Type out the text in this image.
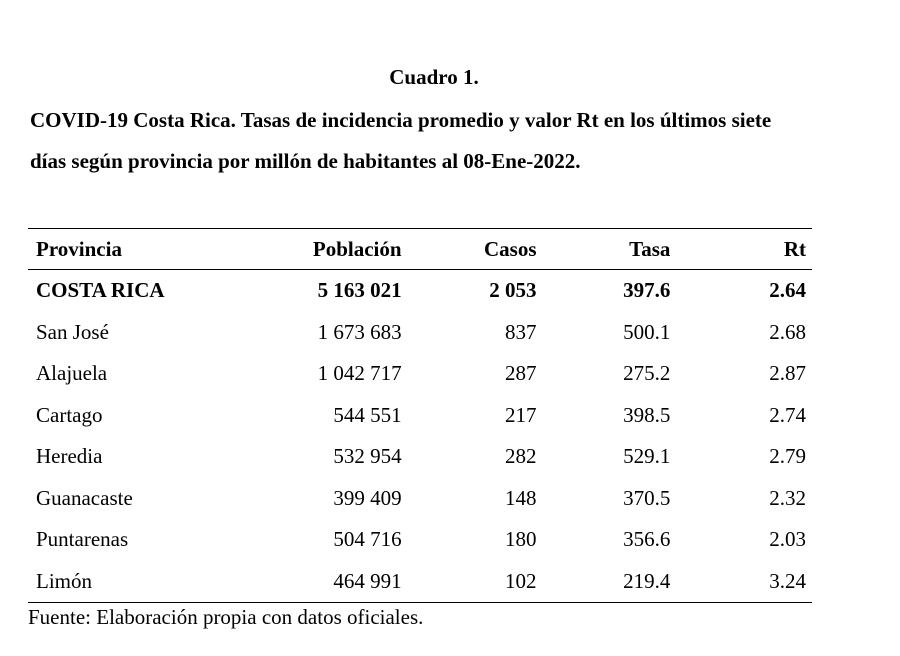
Cuadro 1.
COVID-19 Costa Rica. Tasas de incidencia promedio y valor Rt en los últimos siete
días según provincia por millón de habitantes al 08-Ene-2022.
Provincia	Población	Casos	Tasa	Rt
COSTA RICA	5 163 021	2 053	397.6	2.64
San José	1 673 683	837	500.1	2.68
Alajuela	1 042 717	287	275.2	2.87
Cartago	544 551	217	398.5	2.74
Heredia	532 954	282	529.1	2.79
Guanacaste	399 409	148	370.5	2.32
Puntarenas	504 716	180	356.6	2.03
Limón	464 991	102	219.4	3.24
Fuente: Elaboración propia con datos oficiales.
